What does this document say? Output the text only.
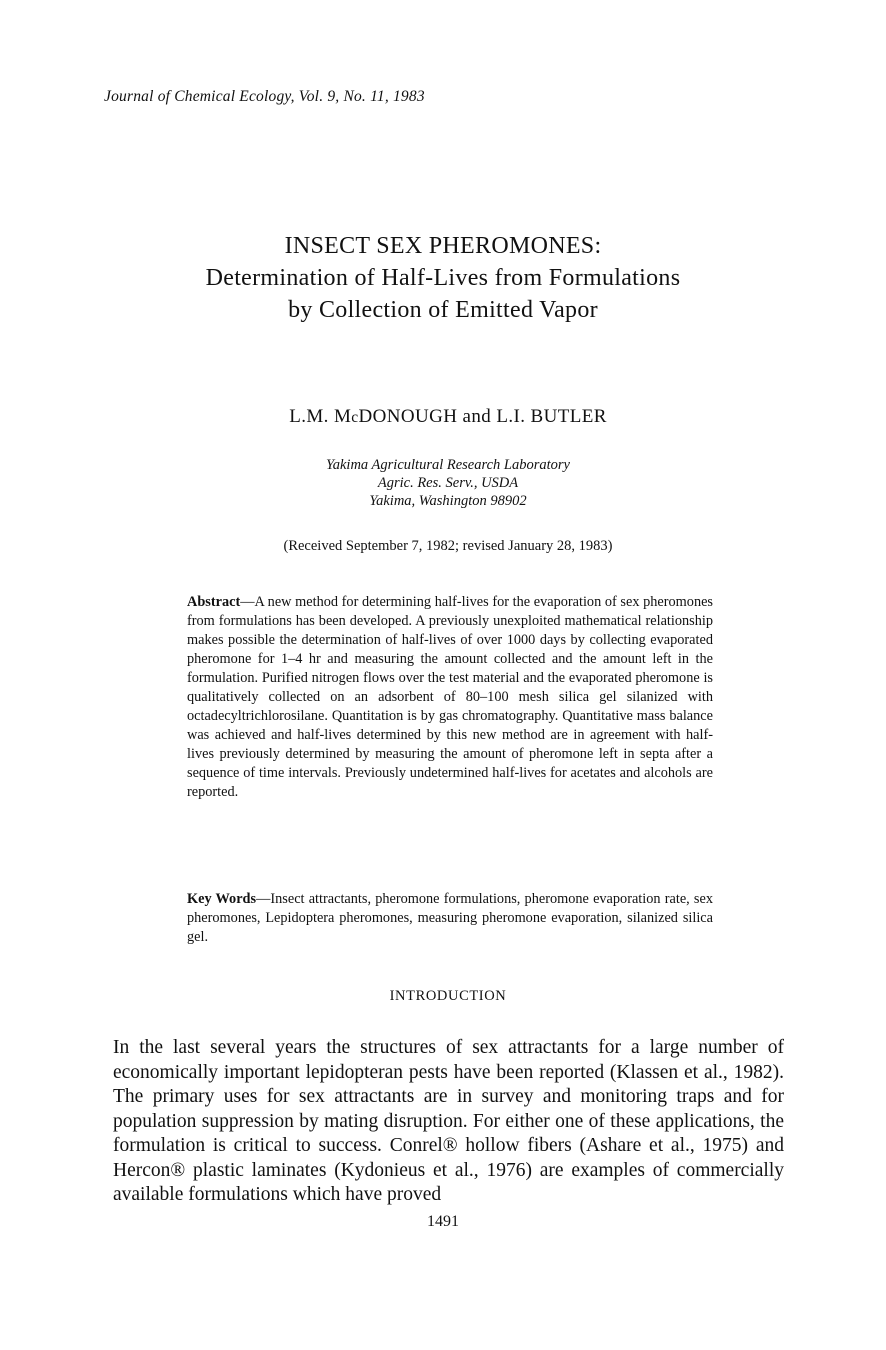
Journal of Chemical Ecology, Vol. 9, No. 11, 1983
INSECT SEX PHEROMONES:
Determination of Half-Lives from Formulations
by Collection of Emitted Vapor
L.M. McDONOUGH and L.I. BUTLER
Yakima Agricultural Research Laboratory
Agric. Res. Serv., USDA
Yakima, Washington 98902
(Received September 7, 1982; revised January 28, 1983)
Abstract—A new method for determining half-lives for the evaporation of sex pheromones from formulations has been developed. A previously unexploited mathematical relationship makes possible the determination of half-lives of over 1000 days by collecting evaporated pheromone for 1–4 hr and measuring the amount collected and the amount left in the formulation. Purified nitrogen flows over the test material and the evaporated pheromone is qualitatively collected on an adsorbent of 80–100 mesh silica gel silanized with octadecyltrichlorosilane. Quantitation is by gas chromatography. Quantitative mass balance was achieved and half-lives determined by this new method are in agreement with half-lives previously determined by measuring the amount of pheromone left in septa after a sequence of time intervals. Previously undetermined half-lives for acetates and alcohols are reported.
Key Words—Insect attractants, pheromone formulations, pheromone evaporation rate, sex pheromones, Lepidoptera pheromones, measuring pheromone evaporation, silanized silica gel.
INTRODUCTION
In the last several years the structures of sex attractants for a large number of economically important lepidopteran pests have been reported (Klassen et al., 1982). The primary uses for sex attractants are in survey and monitoring traps and for population suppression by mating disruption. For either one of these applications, the formulation is critical to success. Conrel® hollow fibers (Ashare et al., 1975) and Hercon® plastic laminates (Kydonieus et al., 1976) are examples of commercially available formulations which have proved
1491
